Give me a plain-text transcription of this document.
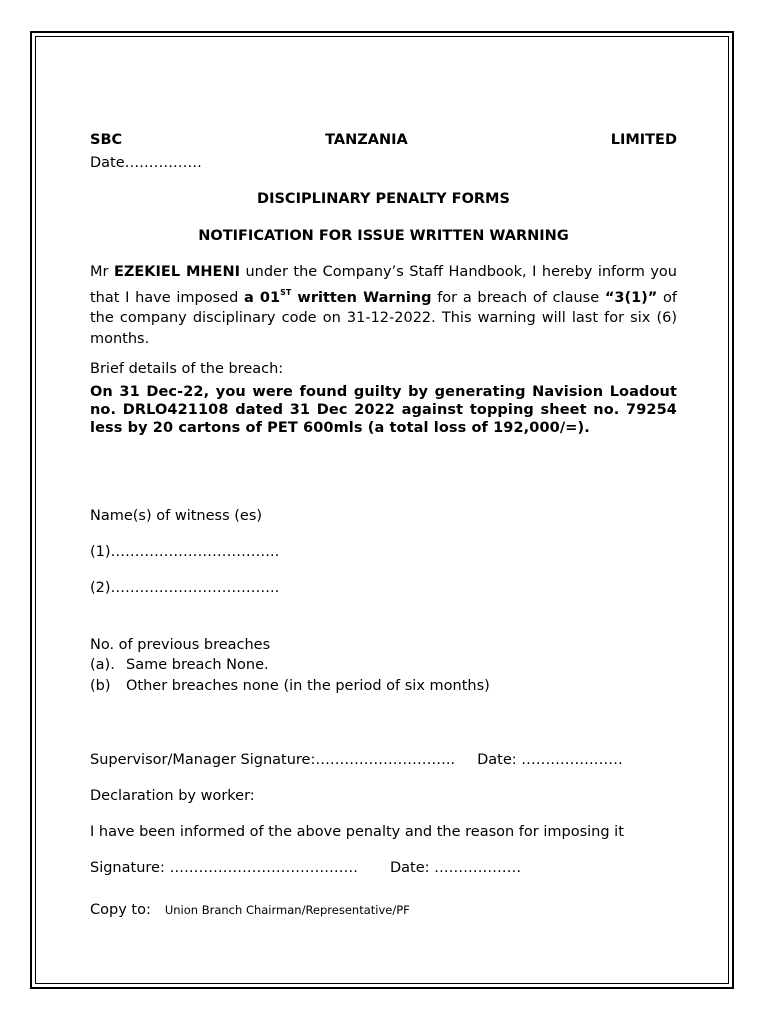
SBC	TANZANIA	LIMITED
Date…………….
DISCIPLINARY PENALTY FORMS
NOTIFICATION FOR ISSUE WRITTEN WARNING
Mr EZEKIEL MHENI under the Company’s Staff Handbook, I hereby inform you that I have imposed a 01ST written Warning for a breach of clause “3(1)” of the company disciplinary code on 31-12-2022. This warning will last for six (6) months.
Brief details of the breach:
On 31 Dec-22, you were found guilty by generating Navision Loadout no. DRLO421108 dated 31 Dec 2022 against topping sheet no. 79254 less by 20 cartons of PET 600mls (a total loss of 192,000/=).
Name(s) of witness (es)
(1)……………………………..
(2)……………………………..
No. of previous breaches
(a). Same breach None.
(b) Other breaches none (in the period of six months)
Supervisor/Manager Signature:……………………….. Date: …………………
Declaration by worker:
I have been informed of the above penalty and the reason for imposing it
Signature: ………………………………… Date: ………………
Copy to: Union Branch Chairman/Representative/PF
